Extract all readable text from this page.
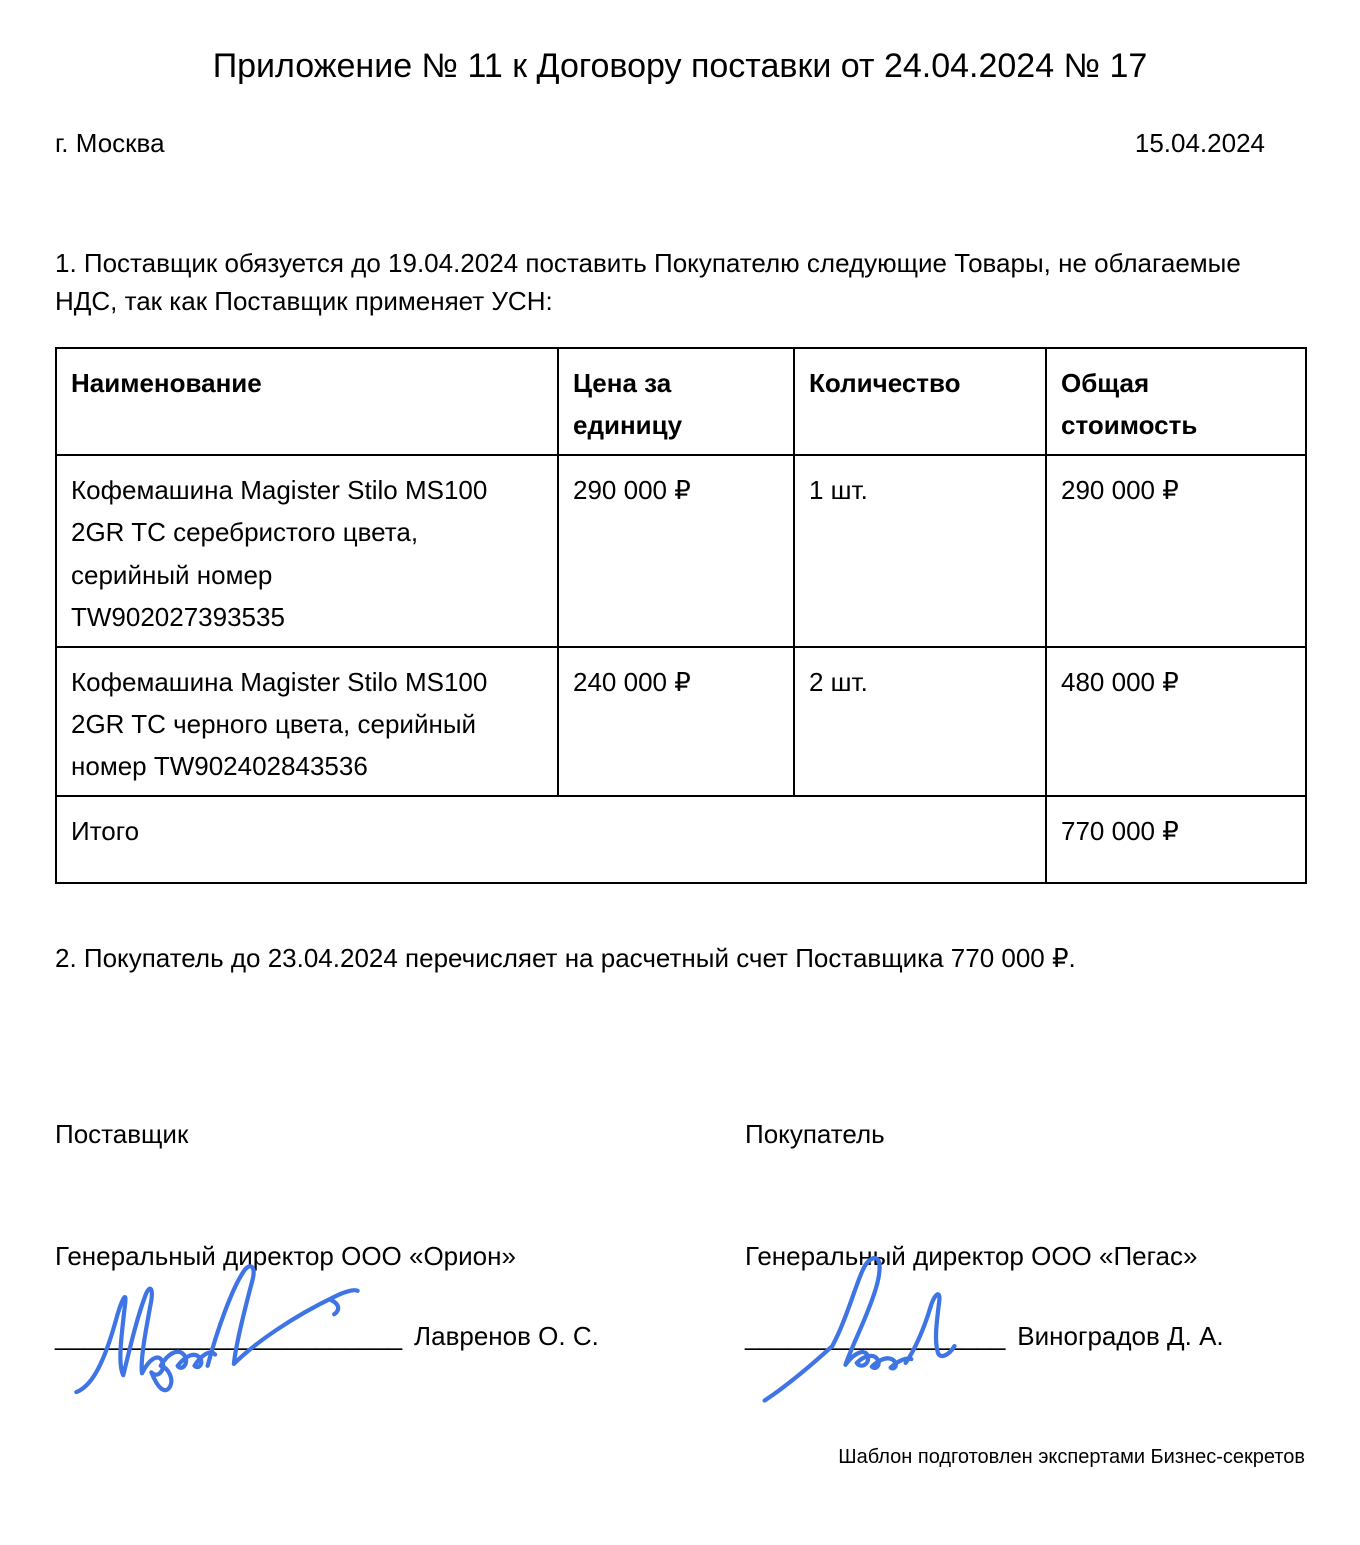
Приложение № 11 к Договору поставки от 24.04.2024 № 17
г. Москва	15.04.2024

1. Поставщик обязуется до 19.04.2024 поставить Покупателю следующие Товары, не облагаемые НДС, так как Поставщик применяет УСН:

Наименование	Цена за единицу	Количество	Общая стоимость

Кофемашина Magister Stilo MS100 2GR TC серебристого цвета, серийный номер TW902027393535	290 000 ₽	1 шт.	290 000 ₽

Кофемашина Magister Stilo MS100 2GR TC черного цвета, серийный номер TW902402843536	240 000 ₽	2 шт.	480 000 ₽
Итого			770 000 ₽

2. Покупатель до 23.04.2024 перечисляет на расчетный счет Поставщика 770 000 ₽.

Поставщик
Генеральный директор ООО «Орион»
________________________ Лавренов О. С.
Покупатель
Генеральный директор ООО «Пегас»
__________________ Виноградов Д. А.
Шаблон подготовлен экспертами Бизнес-секретов
